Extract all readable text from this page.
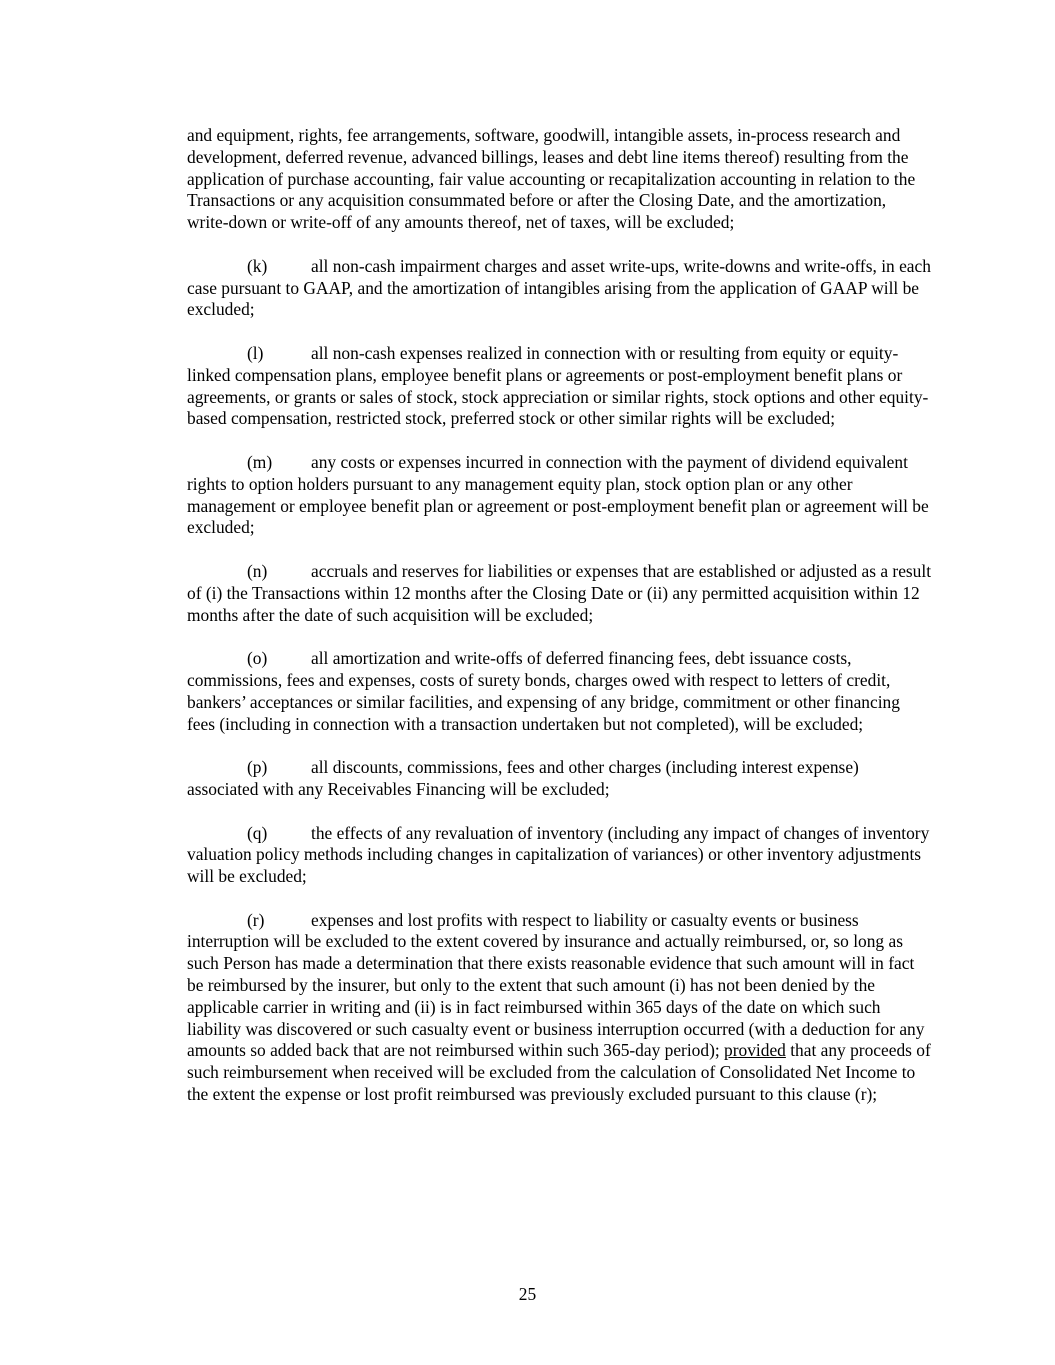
and equipment, rights, fee arrangements, software, goodwill, intangible assets, in-process research and development, deferred revenue, advanced billings, leases and debt line items thereof) resulting from the application of purchase accounting, fair value accounting or recapitalization accounting in relation to the Transactions or any acquisition consummated before or after the Closing Date, and the amortization, write-down or write-off of any amounts thereof, net of taxes, will be excluded;

(k)	all non-cash impairment charges and asset write-ups, write-downs and write-offs, in each case pursuant to GAAP, and the amortization of intangibles arising from the application of GAAP will be excluded;

(l)	all non-cash expenses realized in connection with or resulting from equity or equity-linked compensation plans, employee benefit plans or agreements or post-employment benefit plans or agreements, or grants or sales of stock, stock appreciation or similar rights, stock options and other equity-based compensation, restricted stock, preferred stock or other similar rights will be excluded;

(m) any costs or expenses incurred in connection with the payment of dividend equivalent rights to option holders pursuant to any management equity plan, stock option plan or any other management or employee benefit plan or agreement or post-employment benefit plan or agreement will be excluded;

(n)	accruals and reserves for liabilities or expenses that are established or adjusted as a result of (i) the Transactions within 12 months after the Closing Date or (ii) any permitted acquisition within 12 months after the date of such acquisition will be excluded;

(o)	all amortization and write-offs of deferred financing fees, debt issuance costs, commissions, fees and expenses, costs of surety bonds, charges owed with respect to letters of credit, bankers’ acceptances or similar facilities, and expensing of any bridge, commitment or other financing fees (including in connection with a transaction undertaken but not completed), will be excluded;

(p)	all discounts, commissions, fees and other charges (including interest expense) associated with any Receivables Financing will be excluded;

(q)	the effects of any revaluation of inventory (including any impact of changes of inventory valuation policy methods including changes in capitalization of variances) or other inventory adjustments will be excluded;

(r)	expenses and lost profits with respect to liability or casualty events or business interruption will be excluded to the extent covered by insurance and actually reimbursed, or, so long as such Person has made a determination that there exists reasonable evidence that such amount will in fact be reimbursed by the insurer, but only to the extent that such amount (i) has not been denied by the applicable carrier in writing and (ii) is in fact reimbursed within 365 days of the date on which such liability was discovered or such casualty event or business interruption occurred (with a deduction for any amounts so added back that are not reimbursed within such 365-day period); provided that any proceeds of such reimbursement when received will be excluded from the calculation of Consolidated Net Income to the extent the expense or lost profit reimbursed was previously excluded pursuant to this clause (r);

25
